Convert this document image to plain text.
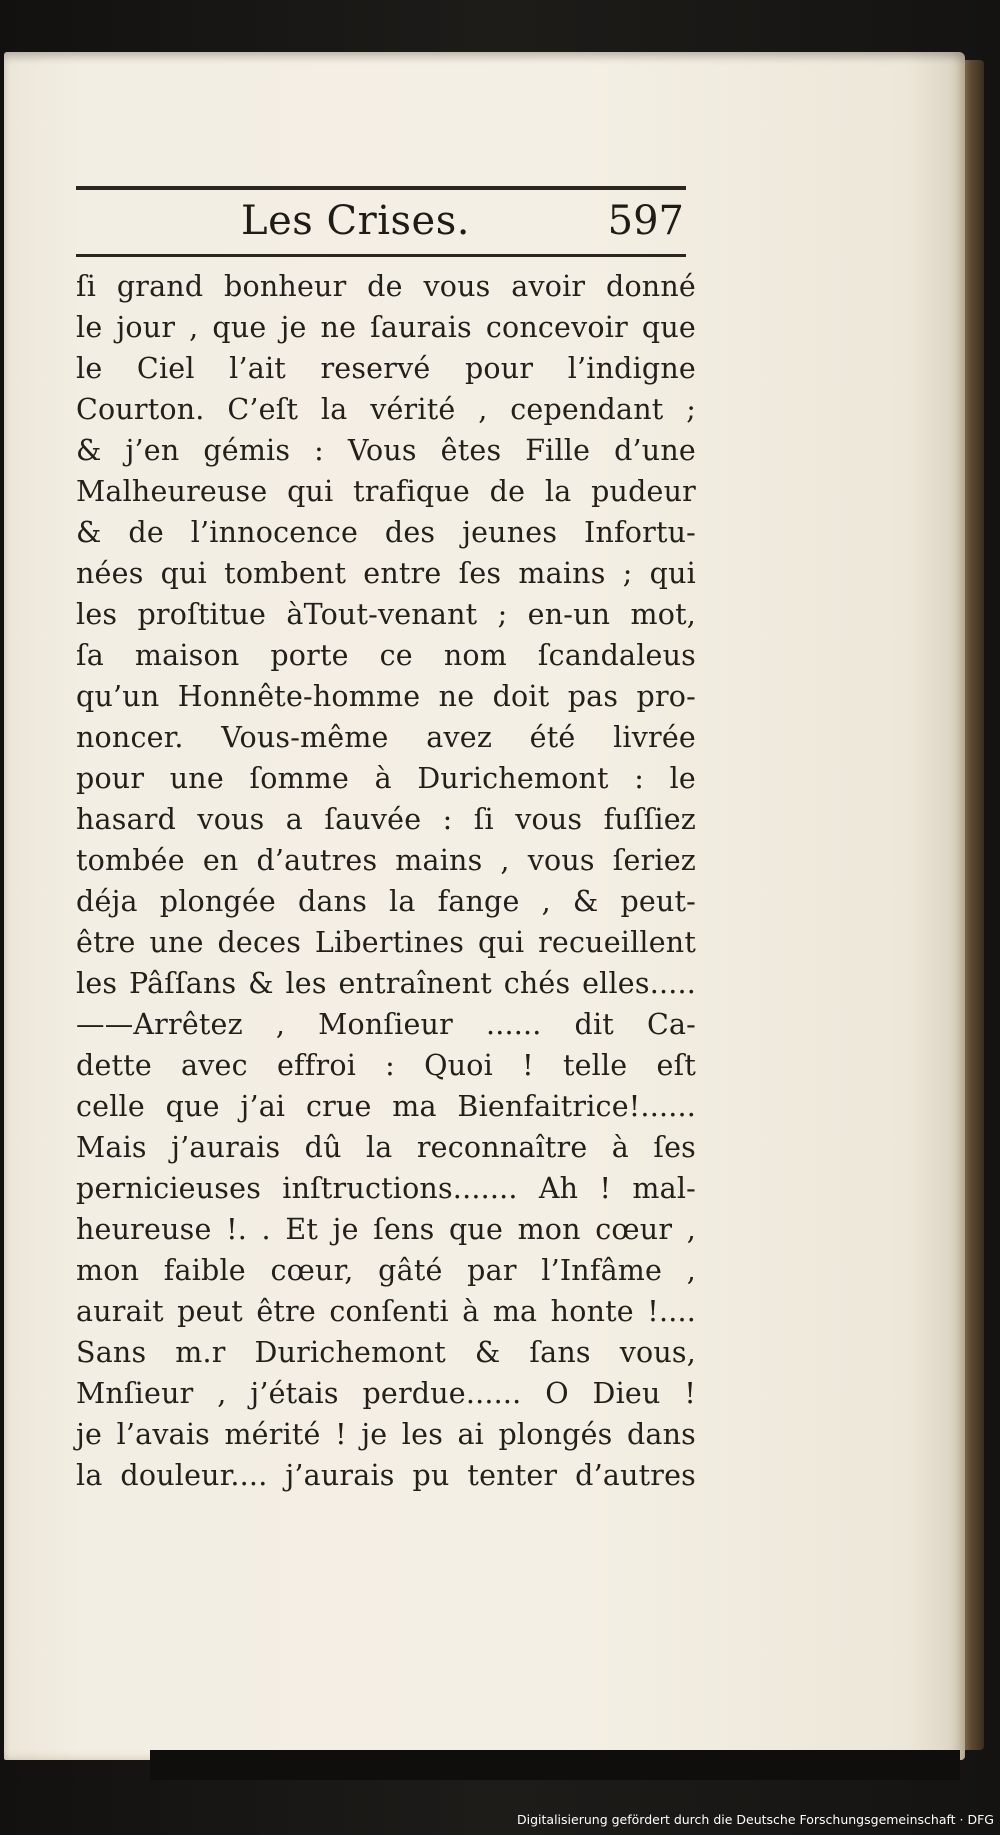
Les Crises.	597
ſi grand bonheur de vous avoir donné
le jour , que je ne ſaurais concevoir que
le Ciel l’ait reservé pour l’indigne
Courton. C’eſt la vérité , cependant ;
& j’en gémis : Vous êtes Fille d’une
Malheureuse qui trafique de la pudeur
& de l’innocence des jeunes Infortu-
nées qui tombent entre ſes mains ; qui
les proſtitue àTout-venant ; en-un mot,
ſa maison porte ce nom ſcandaleus
qu’un Honnête-homme ne doit pas pro-
noncer. Vous-même avez été livrée
pour une ſomme à Durichemont : le
hasard vous a ſauvée : ſi vous fuſſiez
tombée en d’autres mains , vous ſeriez
déja plongée dans la fange , & peut-
être une deces Libertines qui recueillent
les Pâſſans & les entraînent chés elles.....
——Arrêtez , Monſieur ...... dit Ca-
dette avec effroi : Quoi ! telle eſt
celle que j’ai crue ma Bienfaitrice!......
Mais j’aurais dû la reconnaître à ſes
pernicieuses inſtructions....... Ah ! mal-
heureuse !. . Et je ſens que mon cœur ,
mon faible cœur, gâté par l’Infâme ,
aurait peut être conſenti à ma honte !....
Sans m.r Durichemont & ſans vous,
Mnſieur , j’étais perdue...... O Dieu !
je l’avais mérité ! je les ai plongés dans
la douleur.... j’aurais pu tenter d’autres
Digitalisierung gefördert durch die Deutsche Forschungsgemeinschaft · DFG
